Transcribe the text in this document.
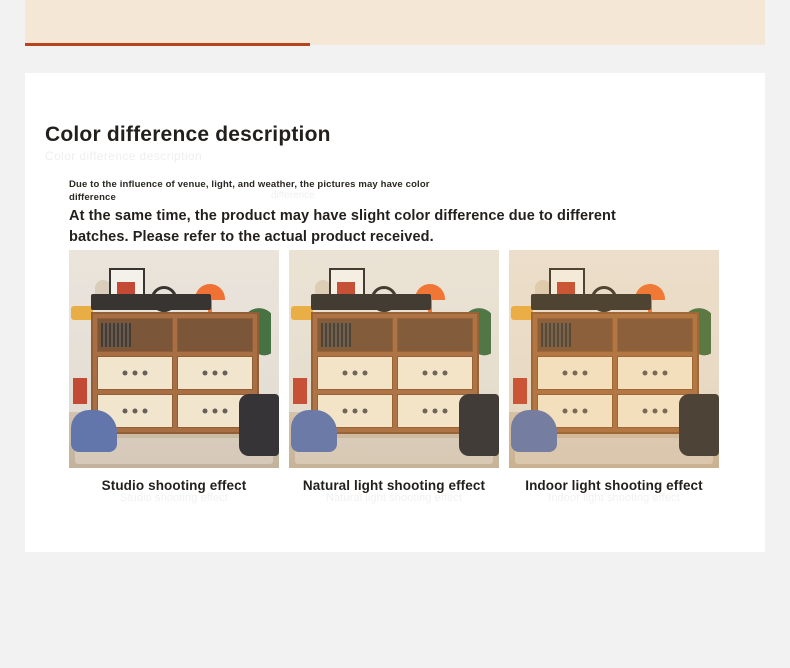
Color difference description
Color difference description
Due to the influence of venue, light, and weather, the pictures may have color difference	difference
At the same time, the product may have slight color difference due to different batches. Please refer to the actual product received.
Studio shooting effect
Studio shooting effect
Natural light shooting effect
Natural light shooting effect
Indoor light shooting effect
Indoor light shooting effect
